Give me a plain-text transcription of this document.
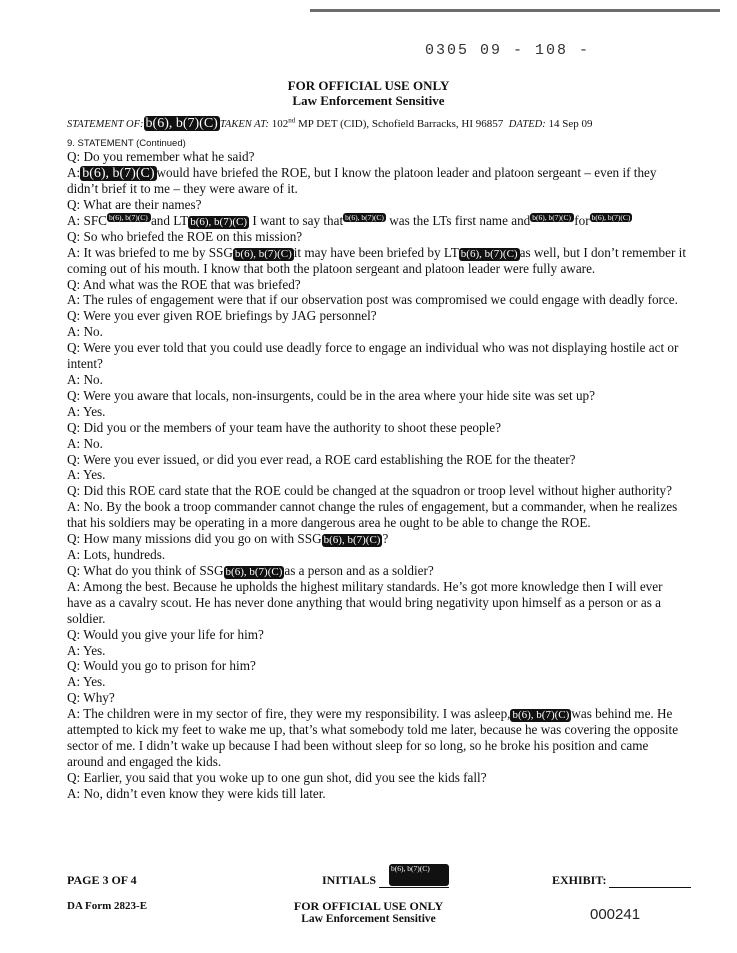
0305 09 - 108 -
FOR OFFICIAL USE ONLY
Law Enforcement Sensitive
STATEMENT OF: b(6), b(7)(C) TAKEN AT: 102nd MP DET (CID), Schofield Barracks, HI 96857 DATED: 14 Sep 09
9. STATEMENT (Continued)

Q: Do you remember what he said?

A: b(6), b(7)(C) would have briefed the ROE, but I know the platoon leader and platoon sergeant – even if they didn’t brief it to me – they were aware of it.

Q: What are their names?

A: SFC b(6), b(7)(C) and LT b(6), b(7)(C) I want to say that b(6), b(7)(C) was the LTs first name and b(6), b(7)(C) for b(6), b(7)(C)

Q: So who briefed the ROE on this mission?

A: It was briefed to me by SSG b(6), b(7)(C) it may have been briefed by LT b(6), b(7)(C) as well, but I don’t remember it coming out of his mouth. I know that both the platoon sergeant and platoon leader were fully aware.

Q: And what was the ROE that was briefed?

A: The rules of engagement were that if our observation post was compromised we could engage with deadly force.

Q: Were you ever given ROE briefings by JAG personnel?

A: No.

Q: Were you ever told that you could use deadly force to engage an individual who was not displaying hostile act or intent?

A: No.

Q: Were you aware that locals, non-insurgents, could be in the area where your hide site was set up?

A: Yes.

Q: Did you or the members of your team have the authority to shoot these people?

A: No.

Q: Were you ever issued, or did you ever read, a ROE card establishing the ROE for the theater?

A: Yes.

Q: Did this ROE card state that the ROE could be changed at the squadron or troop level without higher authority?

A: No. By the book a troop commander cannot change the rules of engagement, but a commander, when he realizes that his soldiers may be operating in a more dangerous area he ought to be able to change the ROE.

Q: How many missions did you go on with SSG b(6), b(7)(C) ?

A: Lots, hundreds.

Q: What do you think of SSG b(6), b(7)(C) as a person and as a soldier?

A: Among the best. Because he upholds the highest military standards. He’s got more knowledge then I will ever have as a cavalry scout. He has never done anything that would bring negativity upon himself as a person or as a soldier.

Q: Would you give your life for him?

A: Yes.

Q: Would you go to prison for him?

A: Yes.

Q: Why?

A: The children were in my sector of fire, they were my responsibility. I was asleep, b(6), b(7)(C) was behind me. He attempted to kick my feet to wake me up, that’s what somebody told me later, because he was covering the opposite sector of me. I didn’t wake up because I had been without sleep for so long, so he broke his position and came around and engaged the kids.

Q: Earlier, you said that you woke up to one gun shot, did you see the kids fall?

A: No, didn’t even know they were kids till later.

PAGE 3 OF 4	INITIALS
b(6), b(7)(C)
EXHIBIT:
DA Form 2823-E	FOR OFFICIAL USE ONLY
Law Enforcement Sensitive	000241
